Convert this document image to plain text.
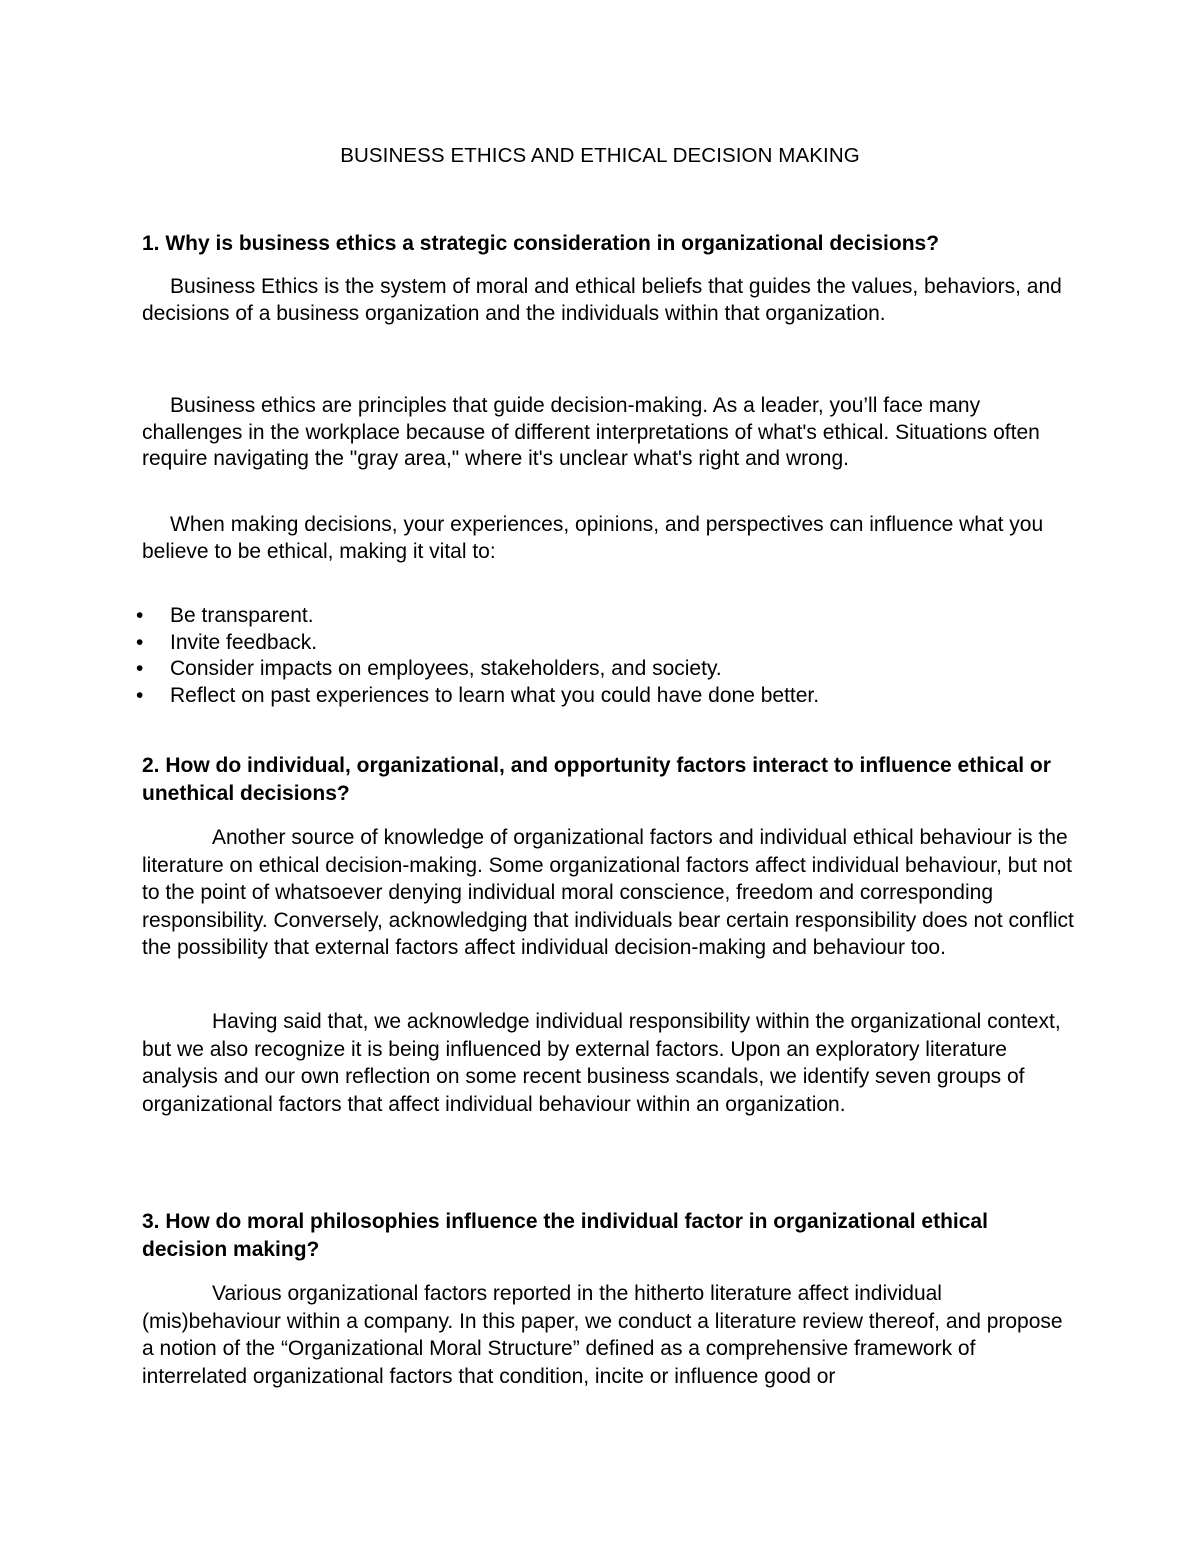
BUSINESS ETHICS AND ETHICAL DECISION MAKING
1. Why is business ethics a strategic consideration in organizational decisions?

Business Ethics is the system of moral and ethical beliefs that guides the values, behaviors, and decisions of a business organization and the individuals within that organization.

Business ethics are principles that guide decision-making. As a leader, you’ll face many challenges in the workplace because of different interpretations of what's ethical. Situations often require navigating the "gray area," where it's unclear what's right and wrong.

When making decisions, your experiences, opinions, and perspectives can influence what you believe to be ethical, making it vital to:

• Be transparent.
• Invite feedback.
• Consider impacts on employees, stakeholders, and society.
• Reflect on past experiences to learn what you could have done better.
2. How do individual, organizational, and opportunity factors interact to influence ethical or unethical decisions?

Another source of knowledge of organizational factors and individual ethical behaviour is the literature on ethical decision-making. Some organizational factors affect individual behaviour, but not to the point of whatsoever denying individual moral conscience, freedom and corresponding responsibility. Conversely, acknowledging that individuals bear certain responsibility does not conflict the possibility that external factors affect individual decision-making and behaviour too.

Having said that, we acknowledge individual responsibility within the organizational context, but we also recognize it is being influenced by external factors. Upon an exploratory literature analysis and our own reflection on some recent business scandals, we identify seven groups of organizational factors that affect individual behaviour within an organization.

3. How do moral philosophies influence the individual factor in organizational ethical decision making?

Various organizational factors reported in the hitherto literature affect individual (mis)behaviour within a company. In this paper, we conduct a literature review thereof, and propose a notion of the “Organizational Moral Structure” defined as a comprehensive framework of interrelated organizational factors that condition, incite or influence good or
